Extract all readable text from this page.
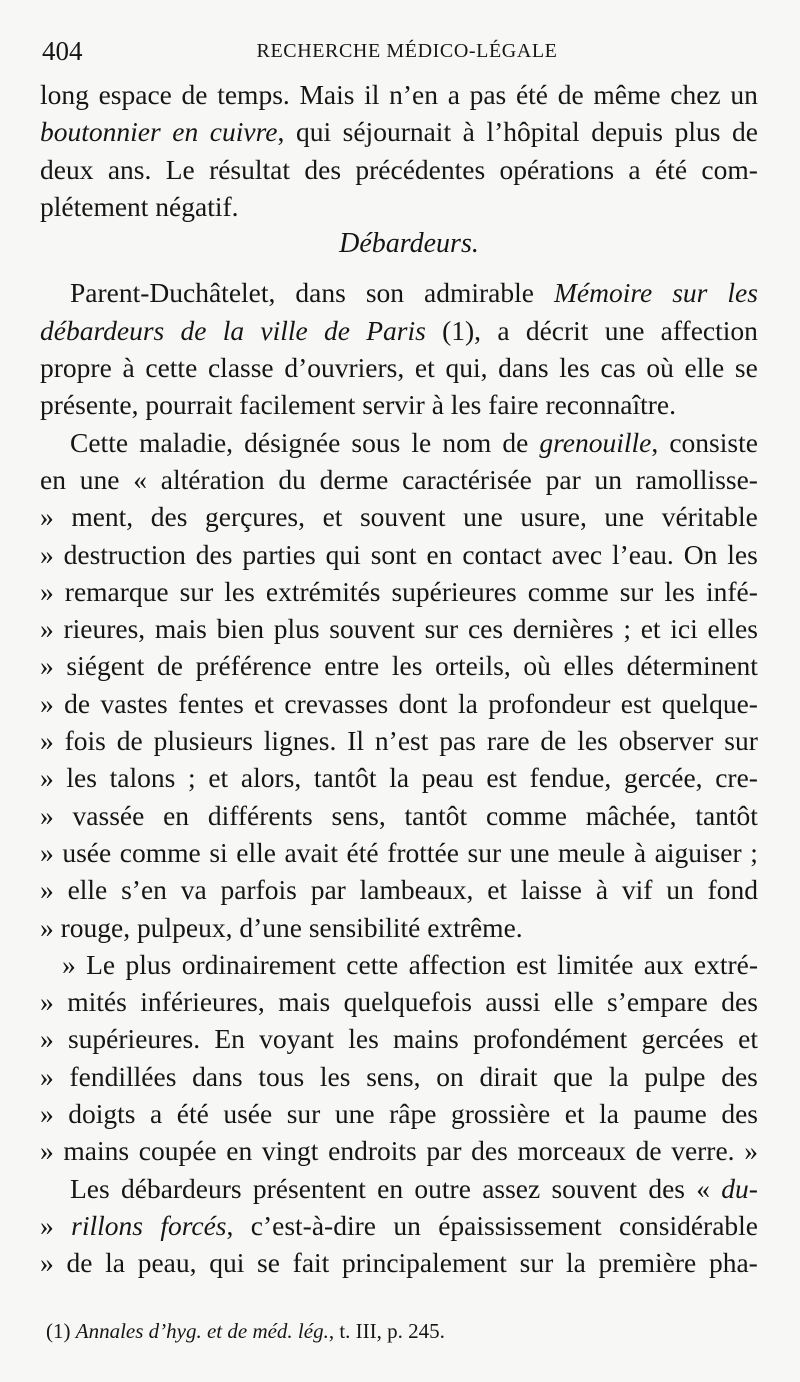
404	RECHERCHE MÉDICO-LÉGALE
long espace de temps. Mais il n’en a pas été de même chez un
boutonnier en cuivre, qui séjournait à l’hôpital depuis plus de
deux ans. Le résultat des précédentes opérations a été com-
plétement négatif.
Débardeurs.
Parent-Duchâtelet, dans son admirable Mémoire sur les
débardeurs de la ville de Paris (1), a décrit une affection
propre à cette classe d’ouvriers, et qui, dans les cas où elle se
présente, pourrait facilement servir à les faire reconnaître.
Cette maladie, désignée sous le nom de grenouille, consiste
en une « altération du derme caractérisée par un ramollisse-
» ment, des gerçures, et souvent une usure, une véritable
» destruction des parties qui sont en contact avec l’eau. On les
» remarque sur les extrémités supérieures comme sur les infé-
» rieures, mais bien plus souvent sur ces dernières ; et ici elles
» siégent de préférence entre les orteils, où elles déterminent
» de vastes fentes et crevasses dont la profondeur est quelque-
» fois de plusieurs lignes. Il n’est pas rare de les observer sur
» les talons ; et alors, tantôt la peau est fendue, gercée, cre-
» vassée en différents sens, tantôt comme mâchée, tantôt
» usée comme si elle avait été frottée sur une meule à aiguiser ;
» elle s’en va parfois par lambeaux, et laisse à vif un fond
» rouge, pulpeux, d’une sensibilité extrême.
» Le plus ordinairement cette affection est limitée aux extré-
» mités inférieures, mais quelquefois aussi elle s’empare des
» supérieures. En voyant les mains profondément gercées et
» fendillées dans tous les sens, on dirait que la pulpe des
» doigts a été usée sur une râpe grossière et la paume des
» mains coupée en vingt endroits par des morceaux de verre. »
Les débardeurs présentent en outre assez souvent des « du-
» rillons forcés, c’est-à-dire un épaississement considérable
» de la peau, qui se fait principalement sur la première pha-
(1) Annales d’hyg. et de méd. lég., t. III, p. 245.
